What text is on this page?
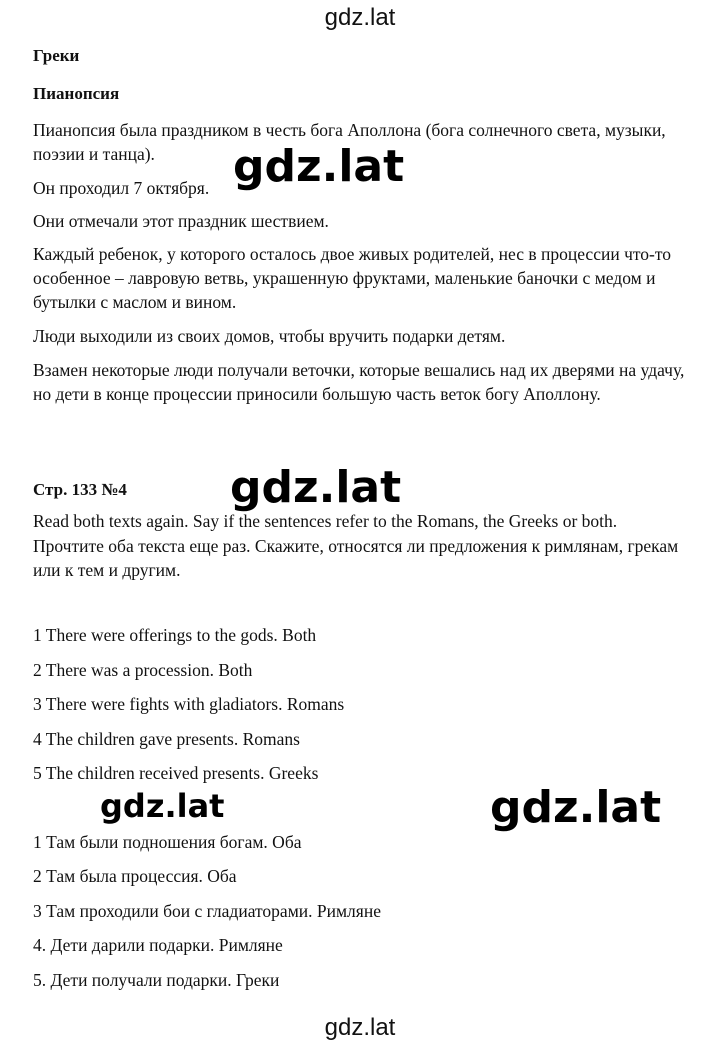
gdz.lat
Греки
Пианопсия
Пианопсия была праздником в честь бога Аполлона (бога солнечного света, музыки, поэзии и танца).
Он проходил 7 октября.
Они отмечали этот праздник шествием.
Каждый ребенок, у которого осталось двое живых родителей, нес в процессии что-то особенное – лавровую ветвь, украшенную фруктами, маленькие баночки с медом и бутылки с маслом и вином.
Люди выходили из своих домов, чтобы вручить подарки детям.
Взамен некоторые люди получали веточки, которые вешались над их дверями на удачу, но дети в конце процессии приносили большую часть веток богу Аполлону.
Стр. 133 №4
Read both texts again. Say if the sentences refer to the Romans, the Greeks or both.
Прочтите оба текста еще раз. Скажите, относятся ли предложения к римлянам, грекам или к тем и другим.
1 There were offerings to the gods. Both
2 There was a procession. Both
3 There were fights with gladiators. Romans
4 The children gave presents. Romans
5 The children received presents. Greeks
1 Там были подношения богам. Оба
2 Там была процессия. Оба
3 Там проходили бои с гладиаторами. Римляне
4. Дети дарили подарки. Римляне
5. Дети получали подарки. Греки
gdz.lat
gdz.lat
gdz.lat	gdz.lat
gdz.lat
